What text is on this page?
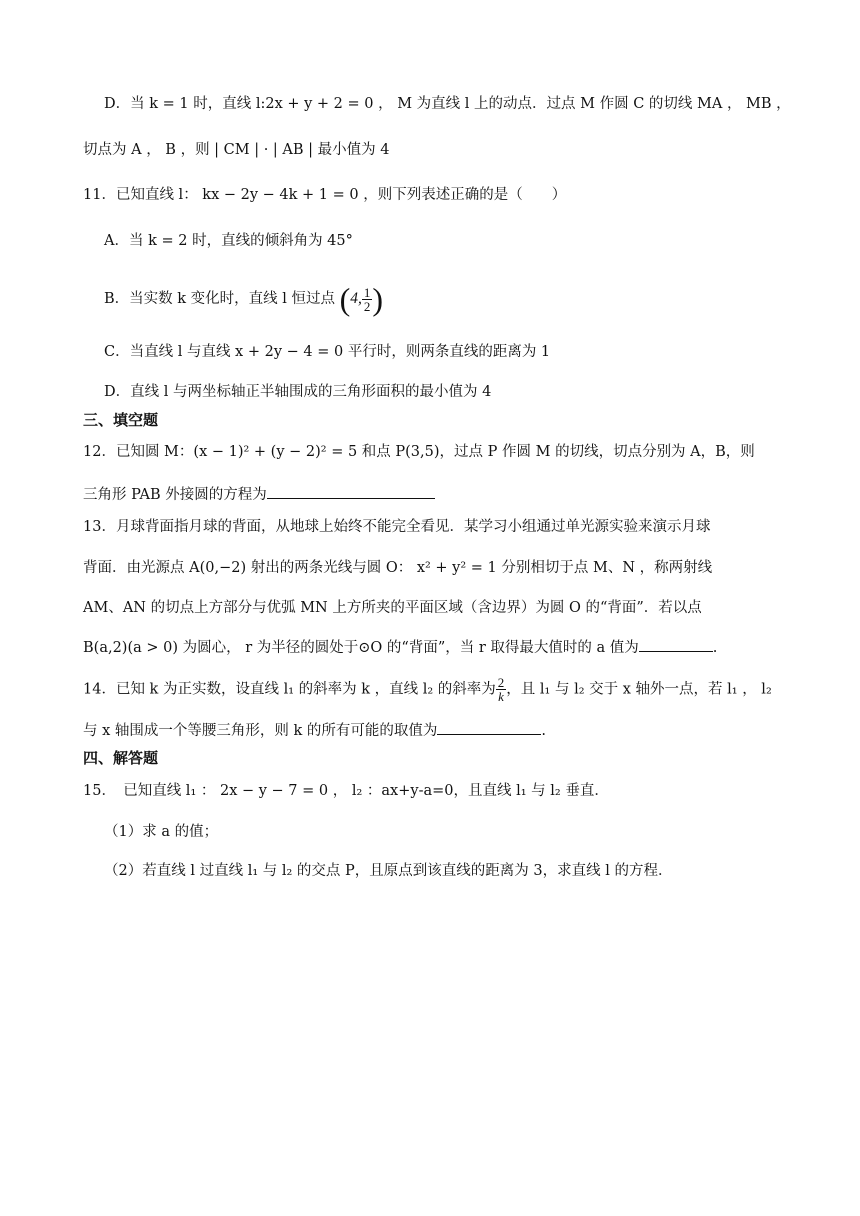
D．当 k = 1 时，直线 l:2x + y + 2 = 0 ， M 为直线 l 上的动点．过点 M 作圆 C 的切线 MA ， MB ，
切点为 A ， B ，则 | CM | · | AB | 最小值为 4
11．已知直线 l： kx − 2y − 4k + 1 = 0 ，则下列表述正确的是（　　）
A．当 k = 2 时，直线的倾斜角为 45°
B．当实数 k 变化时，直线 l 恒过点 (4, $\frac{1}{2}$ )
C．当直线 l 与直线 x + 2y − 4 = 0 平行时，则两条直线的距离为 1
D．直线 l 与两坐标轴正半轴围成的三角形面积的最小值为 4
三、填空题
12．已知圆 M：(x − 1)² + (y − 2)² = 5 和点 P(3,5)，过点 P 作圆 M 的切线，切点分别为 A，B，则
三角形 PAB 外接圆的方程为
13．月球背面指月球的背面，从地球上始终不能完全看见．某学习小组通过单光源实验来演示月球
背面．由光源点 A(0,−2) 射出的两条光线与圆 O： x² + y² = 1 分别相切于点 M、N ，称两射线
AM、AN 的切点上方部分与优弧 MN 上方所夹的平面区域（含边界）为圆 O 的“背面”．若以点
B(a,2)(a > 0) 为圆心， r 为半径的圆处于⊙O 的“背面”，当 r 取得最大值时的 a 值为	.
14．已知 k 为正实数，设直线 l₁ 的斜率为 k ，直线 l₂ 的斜率为 $\frac{2}{k}$ ，且 l₁ 与 l₂ 交于 x 轴外一点，若 l₁ ， l₂
与 x 轴围成一个等腰三角形，则 k 的所有可能的取值为	.
四、解答题
15．　已知直线 l₁ ： 2x − y − 7 = 0 ， l₂ ：ax+y-a=0，且直线 l₁ 与 l₂ 垂直．
（1）求 a 的值；
（2）若直线 l 过直线 l₁ 与 l₂ 的交点 P，且原点到该直线的距离为 3，求直线 l 的方程．
